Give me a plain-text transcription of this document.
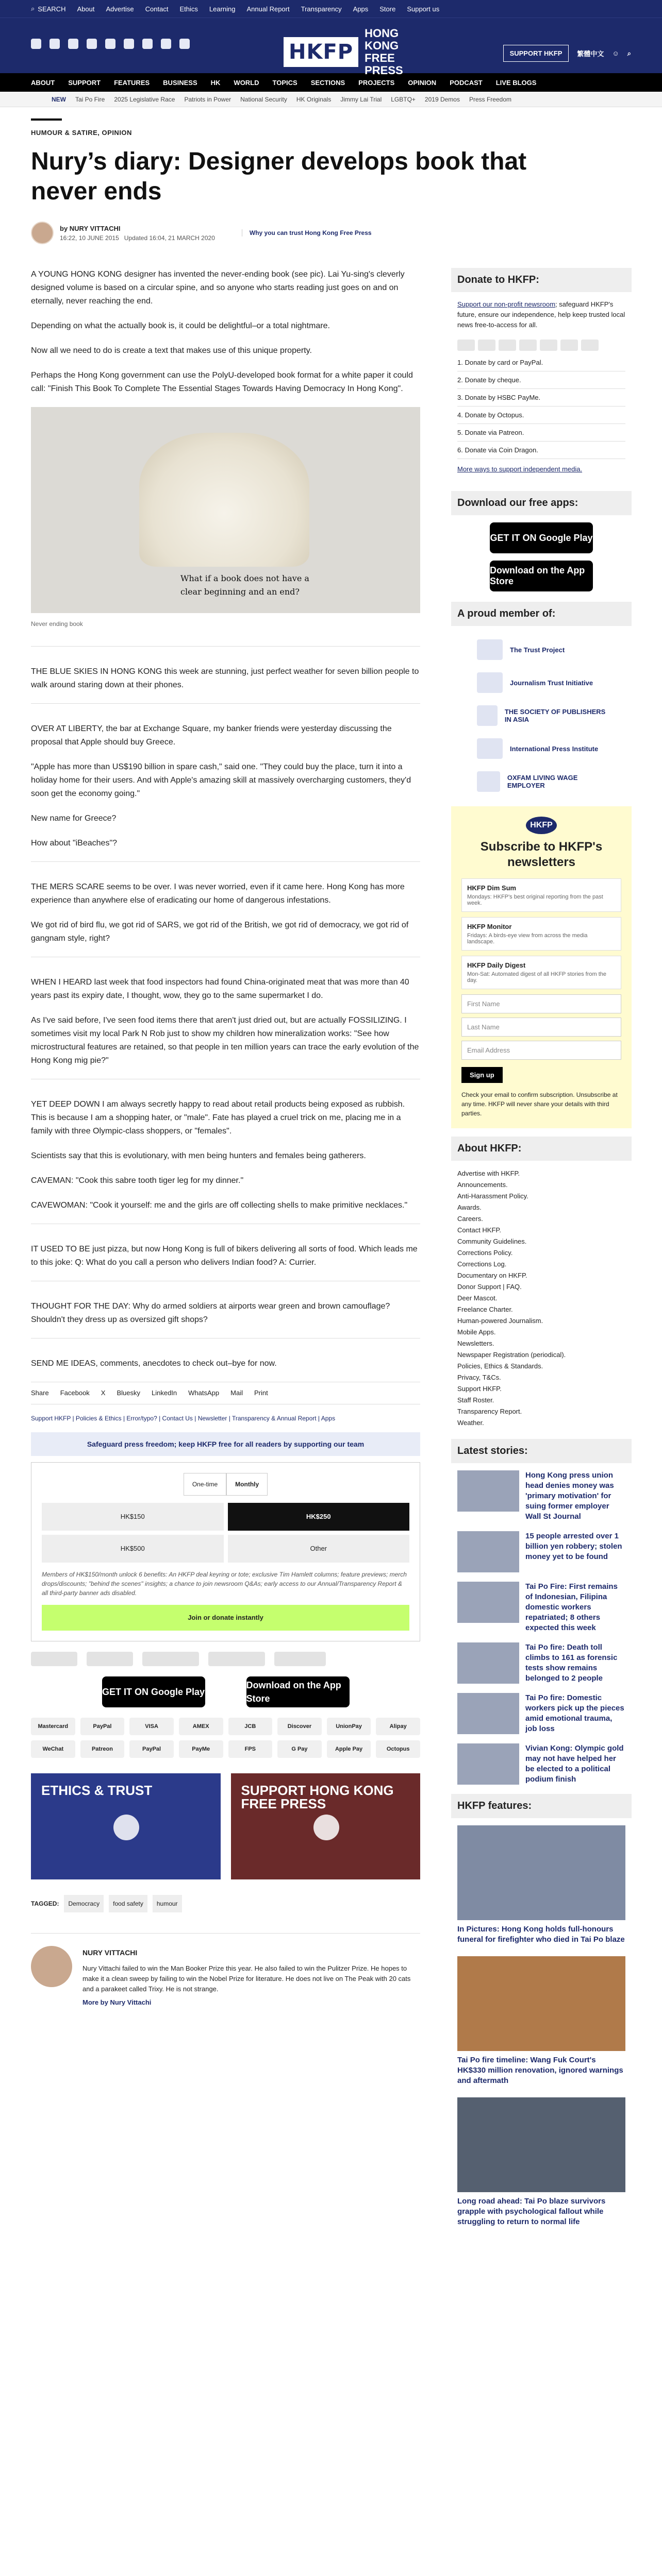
⌕ SEARCH About Advertise Contact Ethics Learning Annual Report Transparency Apps Store Support us
HKFP
HONG KONG FREE PRESS
SUPPORT HKFP	繁體中文 ☺ ⌕
ABOUT SUPPORT FEATURES BUSINESS HK WORLD TOPICS SECTIONS PROJECTS OPINION PODCAST LIVE BLOGS
NEW Tai Po Fire 2025 Legislative Race Patriots in Power National Security HK Originals Jimmy Lai Trial LGBTQ+ 2019 Demos Press Freedom
HUMOUR & SATIRE, OPINION
Nury’s diary: Designer develops book that never ends
by NURY VITTACHI
16:22, 10 JUNE 2015 Updated 16:04, 21 MARCH 2020
Why you can trust Hong Kong Free Press

A YOUNG HONG KONG designer has invented the never-ending book (see pic). Lai Yu-sing's cleverly designed volume is based on a circular spine, and so anyone who starts reading just goes on and on eternally, never reaching the end.

Depending on what the actually book is, it could be delightful–or a total nightmare.

Now all we need to do is create a text that makes use of this unique property.

Perhaps the Hong Kong government can use the PolyU-developed book format for a white paper it could call: "Finish This Book To Complete The Essential Stages Towards Having Democracy In Hong Kong".

What if a book does not have a clear beginning and an end?
Never ending book

THE BLUE SKIES IN HONG KONG this week are stunning, just perfect weather for seven billion people to walk around staring down at their phones.

OVER AT LIBERTY, the bar at Exchange Square, my banker friends were yesterday discussing the proposal that Apple should buy Greece.

"Apple has more than US$190 billion in spare cash," said one. "They could buy the place, turn it into a holiday home for their users. And with Apple's amazing skill at massively overcharging customers, they'd soon get the economy going."

New name for Greece?

How about "iBeaches"?

THE MERS SCARE seems to be over. I was never worried, even if it came here. Hong Kong has more experience than anywhere else of eradicating our home of dangerous infestations.

We got rid of bird flu, we got rid of SARS, we got rid of the British, we got rid of democracy, we got rid of gangnam style, right?

WHEN I HEARD last week that food inspectors had found China-originated meat that was more than 40 years past its expiry date, I thought, wow, they go to the same supermarket I do.

As I've said before, I've seen food items there that aren't just dried out, but are actually FOSSILIZING. I sometimes visit my local Park N Rob just to show my children how mineralization works: "See how microstructural features are retained, so that people in ten million years can trace the early evolution of the Hong Kong mig pie?"

YET DEEP DOWN I am always secretly happy to read about retail products being exposed as rubbish. This is because I am a shopping hater, or "male". Fate has played a cruel trick on me, placing me in a family with three Olympic-class shoppers, or "females".

Scientists say that this is evolutionary, with men being hunters and females being gatherers.

CAVEMAN: "Cook this sabre tooth tiger leg for my dinner."

CAVEWOMAN: "Cook it yourself: me and the girls are off collecting shells to make primitive necklaces."

IT USED TO BE just pizza, but now Hong Kong is full of bikers delivering all sorts of food. Which leads me to this joke: Q: What do you call a person who delivers Indian food? A: Currier.

THOUGHT FOR THE DAY: Why do armed soldiers at airports wear green and brown camouflage? Shouldn't they dress up as oversized gift shops?

SEND ME IDEAS, comments, anecdotes to check out–bye for now.

Share Facebook X Bluesky LinkedIn WhatsApp Mail Print
Support HKFP | Policies & Ethics | Error/typo? | Contact Us | Newsletter | Transparency & Annual Report | Apps
Safeguard press freedom; keep HKFP free for all readers by supporting our team
One-time	Monthly
HK$150	HK$250
HK$500	Other
Members of HK$150/month unlock 6 benefits: An HKFP deal keyring or tote; exclusive Tim Hamlett columns; feature previews; merch drops/discounts; "behind the scenes" insights; a chance to join newsroom Q&As; early access to our Annual/Transparency Report & all third-party banner ads disabled.
Join or donate instantly
GET IT ON Google Play
Download on the App Store
Mastercard	PayPal	VISA	AMEX	JCB	Discover	UnionPay	Alipay
WeChat	Patreon	PayPal	PayMe	FPS	G Pay	Apple Pay	Octopus
ETHICS & TRUST	SUPPORT HONG KONG FREE PRESS
TAGGED:	Democracy	food safety	humour
NURY VITTACHI

Nury Vittachi failed to win the Man Booker Prize this year. He also failed to win the Pulitzer Prize. He hopes to make it a clean sweep by failing to win the Nobel Prize for literature. He does not live on The Peak with 20 cats and a parakeet called Trixy. He is not strange.

More by Nury Vittachi

Donate to HKFP:
Support our non-profit newsroom; safeguard HKFP's future, ensure our independence, help keep trusted local news free-to-access for all.
1. Donate by card or PayPal.
2. Donate by cheque.
3. Donate by HSBC PayMe.
4. Donate by Octopus.
5. Donate via Patreon.
6. Donate via Coin Dragon.
More ways to support independent media.
Download our free apps:
GET IT ON Google Play
Download on the App Store
A proud member of:
The Trust Project
Journalism Trust Initiative
THE SOCIETY OF PUBLISHERS IN ASIA
International Press Institute
OXFAM LIVING WAGE EMPLOYER
HKFP
Subscribe to HKFP's newsletters
HKFP Dim Sum
Mondays: HKFP's best original reporting from the past week.
HKFP Monitor
Fridays: A birds-eye view from across the media landscape.
HKFP Daily Digest
Mon-Sat: Automated digest of all HKFP stories from the day.
First Name
Last Name
Email Address
Sign up
Check your email to confirm subscription. Unsubscribe at any time. HKFP will never share your details with third parties.
About HKFP:
Advertise with HKFP.
Announcements.
Anti-Harassment Policy.
Awards.
Careers.
Contact HKFP.
Community Guidelines.
Corrections Policy.
Corrections Log.
Documentary on HKFP.
Donor Support | FAQ.
Deer Mascot.
Freelance Charter.
Human-powered Journalism.
Mobile Apps.
Newsletters.
Newspaper Registration (periodical).
Policies, Ethics & Standards.
Privacy, T&Cs.
Support HKFP.
Staff Roster.
Transparency Report.
Weather.
Latest stories:
Hong Kong press union head denies money was 'primary motivation' for suing former employer Wall St Journal
15 people arrested over 1 billion yen robbery; stolen money yet to be found
Tai Po Fire: First remains of Indonesian, Filipina domestic workers repatriated; 8 others expected this week
Tai Po fire: Death toll climbs to 161 as forensic tests show remains belonged to 2 people
Tai Po fire: Domestic workers pick up the pieces amid emotional trauma, job loss
Vivian Kong: Olympic gold may not have helped her be elected to a political podium finish
HKFP features:
In Pictures: Hong Kong holds full-honours funeral for firefighter who died in Tai Po blaze
Tai Po fire timeline: Wang Fuk Court's HK$330 million renovation, ignored warnings and aftermath
Long road ahead: Tai Po blaze survivors grapple with psychological fallout while struggling to return to normal life
